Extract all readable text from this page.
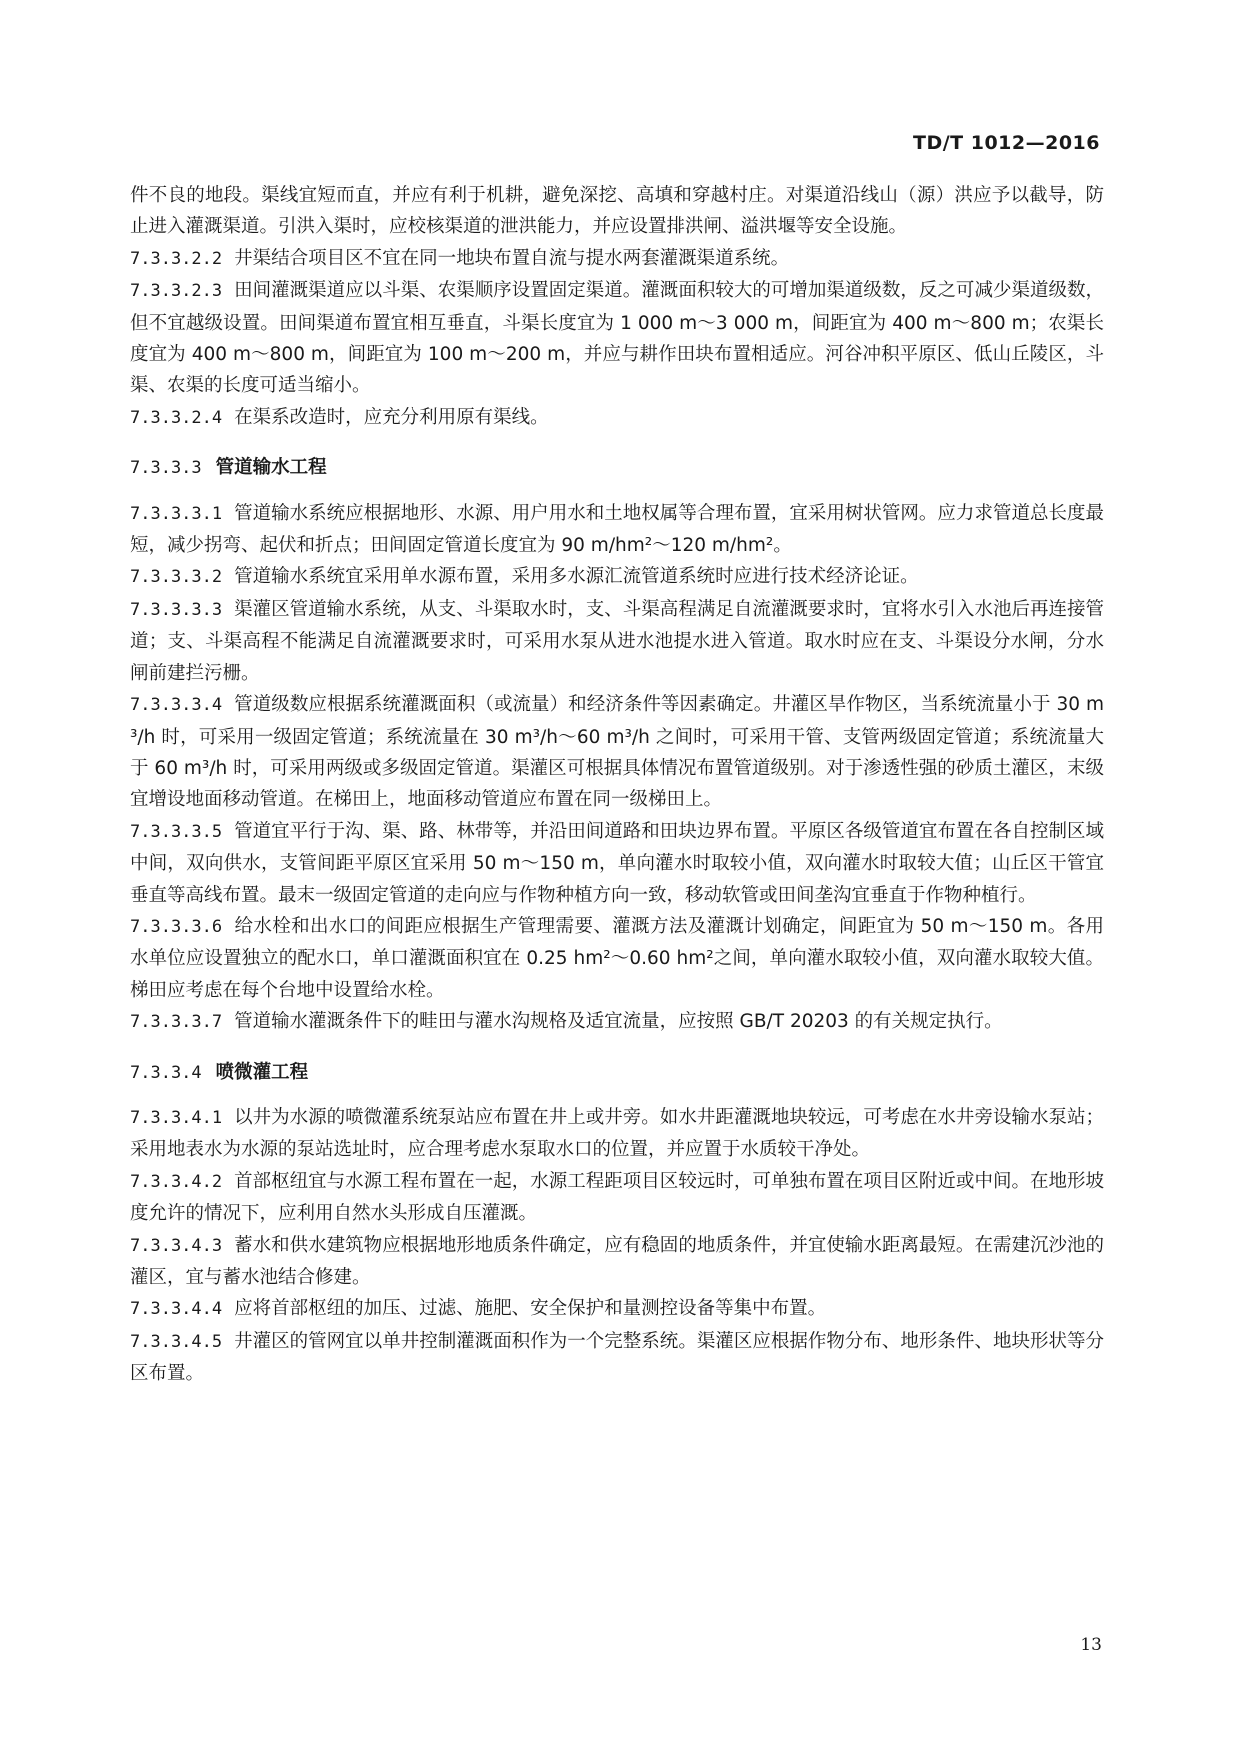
TD/T 1012—2016

件不良的地段。渠线宜短而直，并应有利于机耕，避免深挖、高填和穿越村庄。对渠道沿线山（源）洪应予以截导，防止进入灌溉渠道。引洪入渠时，应校核渠道的泄洪能力，并应设置排洪闸、溢洪堰等安全设施。

7.3.3.2.2 井渠结合项目区不宜在同一地块布置自流与提水两套灌溉渠道系统。

7.3.3.2.3 田间灌溉渠道应以斗渠、农渠顺序设置固定渠道。灌溉面积较大的可增加渠道级数，反之可减少渠道级数，但不宜越级设置。田间渠道布置宜相互垂直，斗渠长度宜为 1 000 m～3 000 m，间距宜为 400 m～800 m；农渠长度宜为 400 m～800 m，间距宜为 100 m～200 m，并应与耕作田块布置相适应。河谷冲积平原区、低山丘陵区，斗渠、农渠的长度可适当缩小。

7.3.3.2.4 在渠系改造时，应充分利用原有渠线。

7.3.3.3 管道输水工程

7.3.3.3.1 管道输水系统应根据地形、水源、用户用水和土地权属等合理布置，宜采用树状管网。应力求管道总长度最短，减少拐弯、起伏和折点；田间固定管道长度宜为 90 m/hm²～120 m/hm²。

7.3.3.3.2 管道输水系统宜采用单水源布置，采用多水源汇流管道系统时应进行技术经济论证。

7.3.3.3.3 渠灌区管道输水系统，从支、斗渠取水时，支、斗渠高程满足自流灌溉要求时，宜将水引入水池后再连接管道；支、斗渠高程不能满足自流灌溉要求时，可采用水泵从进水池提水进入管道。取水时应在支、斗渠设分水闸，分水闸前建拦污栅。

7.3.3.3.4 管道级数应根据系统灌溉面积（或流量）和经济条件等因素确定。井灌区旱作物区，当系统流量小于 30 m³/h 时，可采用一级固定管道；系统流量在 30 m³/h～60 m³/h 之间时，可采用干管、支管两级固定管道；系统流量大于 60 m³/h 时，可采用两级或多级固定管道。渠灌区可根据具体情况布置管道级别。对于渗透性强的砂质土灌区，末级宜增设地面移动管道。在梯田上，地面移动管道应布置在同一级梯田上。

7.3.3.3.5 管道宜平行于沟、渠、路、林带等，并沿田间道路和田块边界布置。平原区各级管道宜布置在各自控制区域中间，双向供水，支管间距平原区宜采用 50 m～150 m，单向灌水时取较小值，双向灌水时取较大值；山丘区干管宜垂直等高线布置。最末一级固定管道的走向应与作物种植方向一致，移动软管或田间垄沟宜垂直于作物种植行。

7.3.3.3.6 给水栓和出水口的间距应根据生产管理需要、灌溉方法及灌溉计划确定，间距宜为 50 m～150 m。各用水单位应设置独立的配水口，单口灌溉面积宜在 0.25 hm²～0.60 hm²之间，单向灌水取较小值，双向灌水取较大值。梯田应考虑在每个台地中设置给水栓。

7.3.3.3.7 管道输水灌溉条件下的畦田与灌水沟规格及适宜流量，应按照 GB/T 20203 的有关规定执行。

7.3.3.4 喷微灌工程

7.3.3.4.1 以井为水源的喷微灌系统泵站应布置在井上或井旁。如水井距灌溉地块较远，可考虑在水井旁设输水泵站；采用地表水为水源的泵站选址时，应合理考虑水泵取水口的位置，并应置于水质较干净处。

7.3.3.4.2 首部枢纽宜与水源工程布置在一起，水源工程距项目区较远时，可单独布置在项目区附近或中间。在地形坡度允许的情况下，应利用自然水头形成自压灌溉。

7.3.3.4.3 蓄水和供水建筑物应根据地形地质条件确定，应有稳固的地质条件，并宜使输水距离最短。在需建沉沙池的灌区，宜与蓄水池结合修建。

7.3.3.4.4 应将首部枢纽的加压、过滤、施肥、安全保护和量测控设备等集中布置。

7.3.3.4.5 井灌区的管网宜以单井控制灌溉面积作为一个完整系统。渠灌区应根据作物分布、地形条件、地块形状等分区布置。

13
